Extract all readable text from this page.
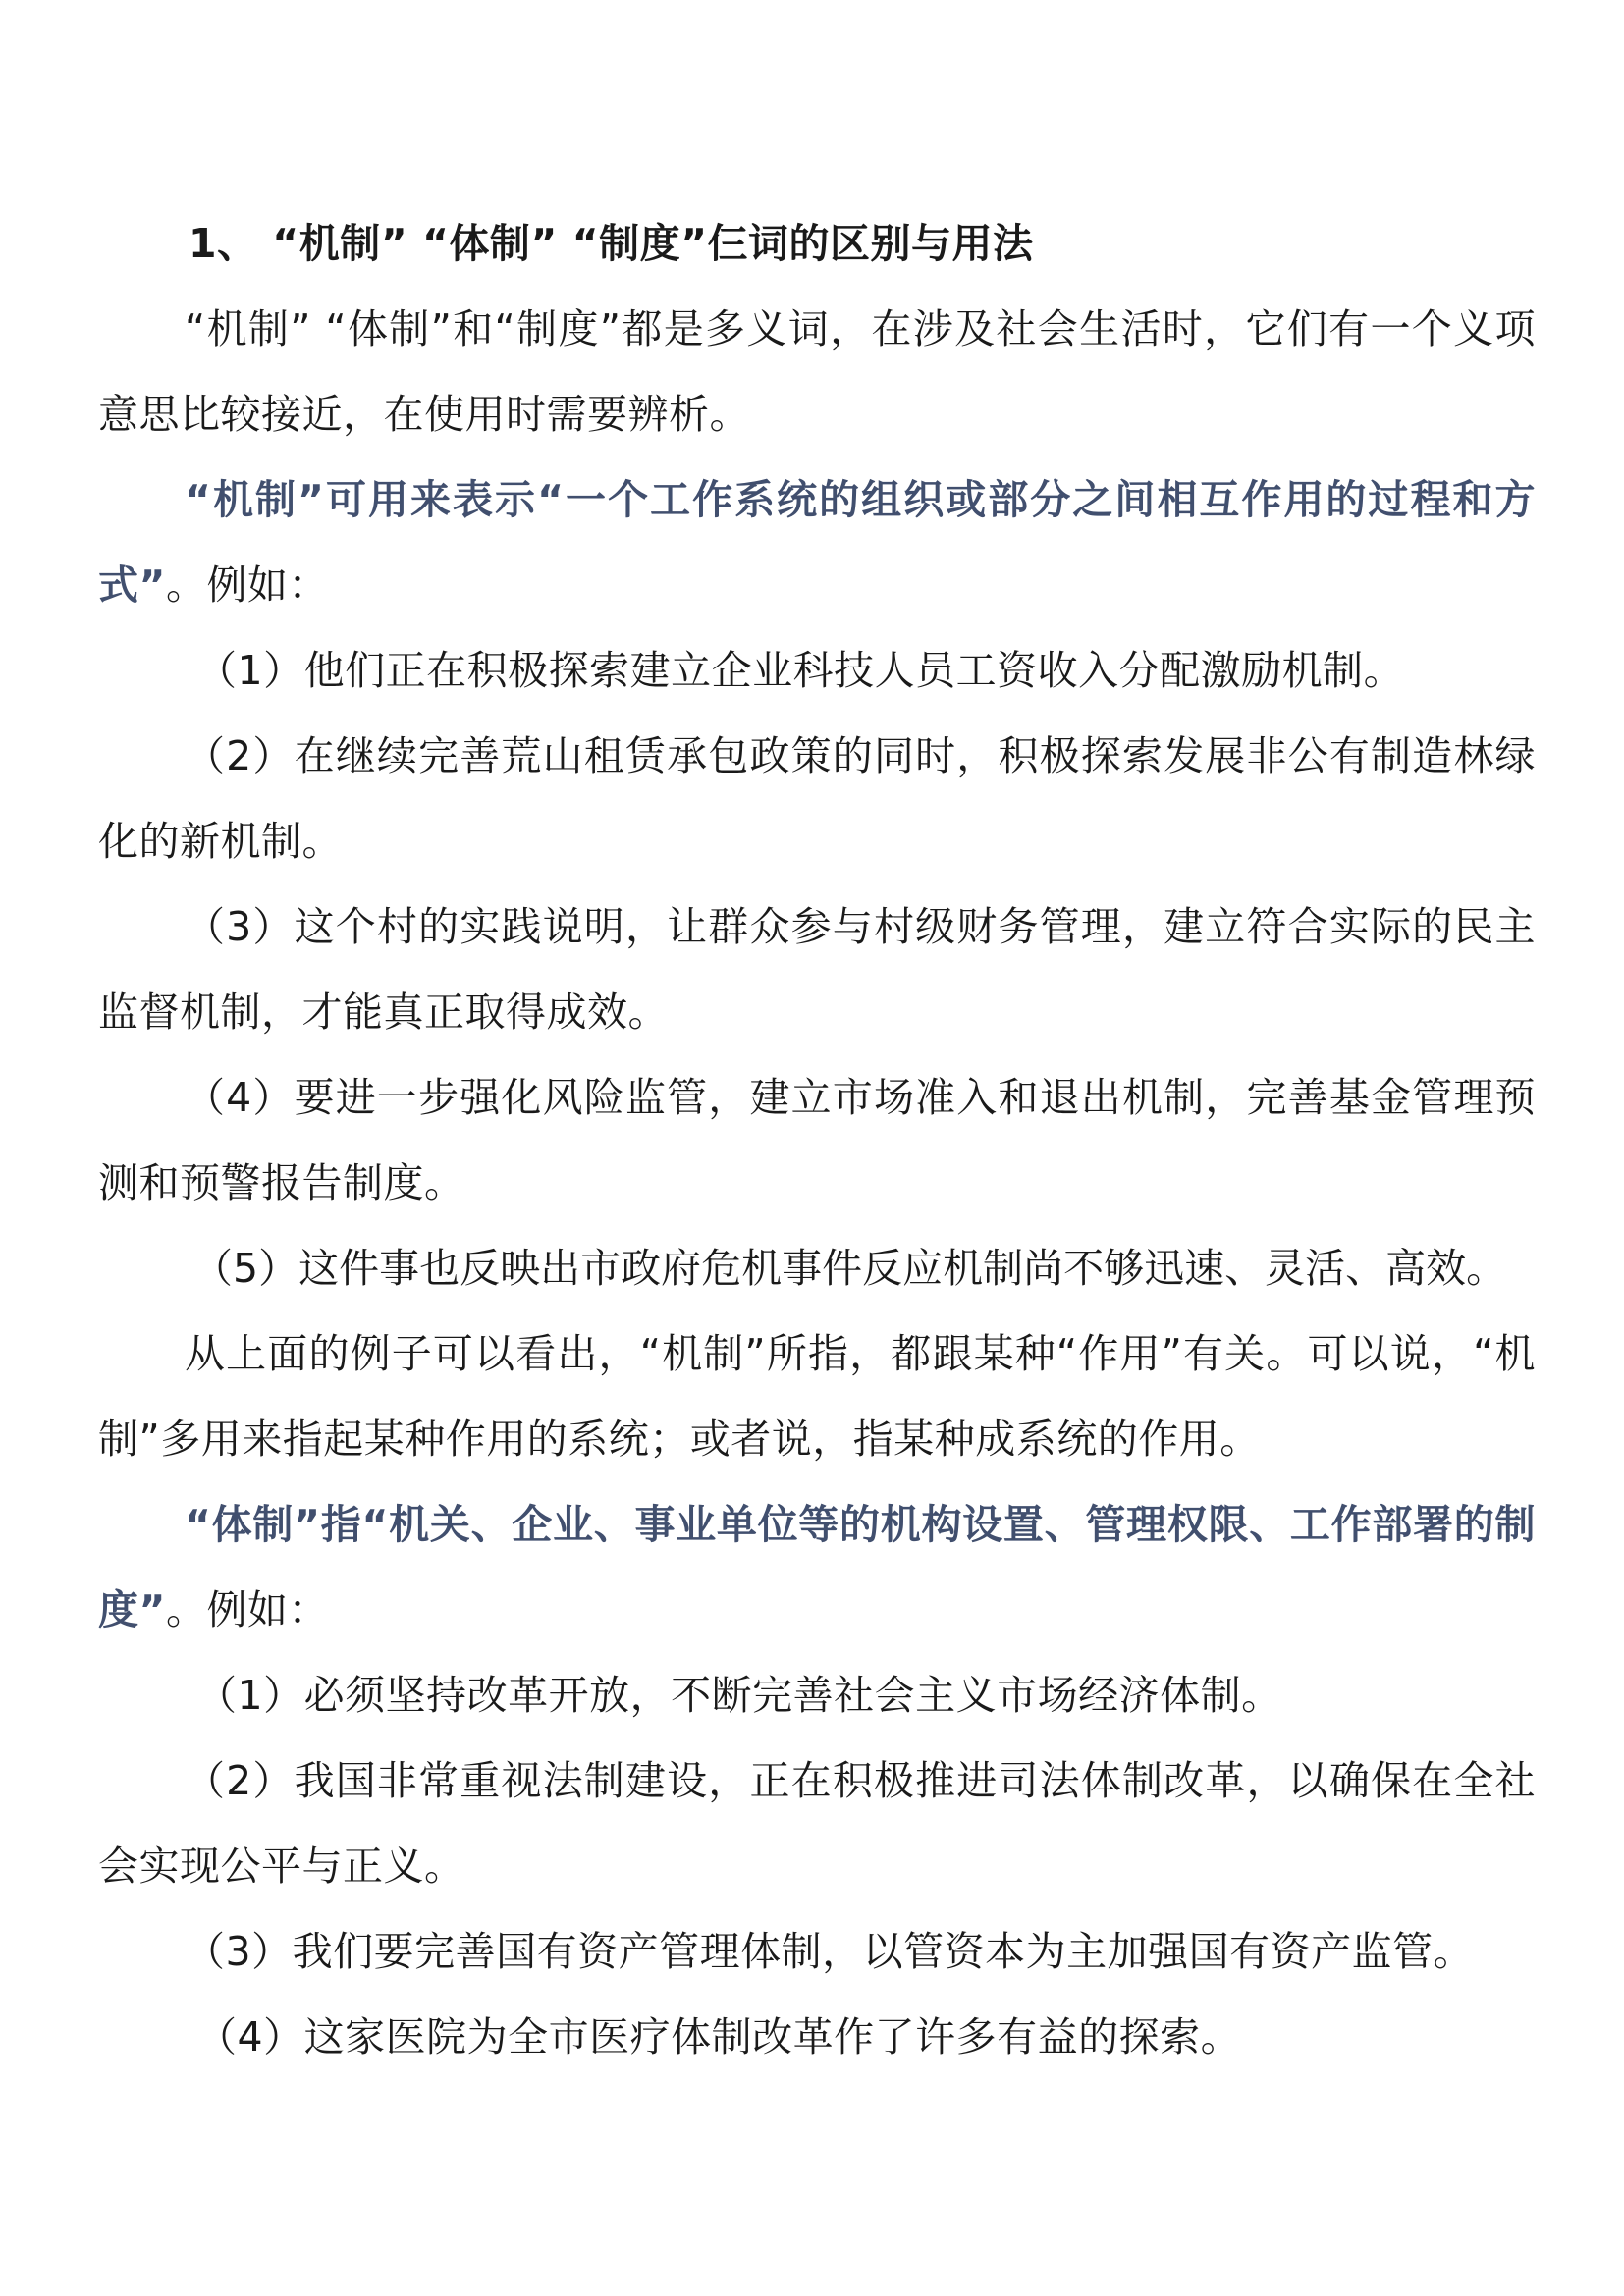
1、 “机制” “体制” “制度”仨词的区别与用法

“机制” “体制”和“制度”都是多义词，在涉及社会生活时，它们有一个义项意思比较接近，在使用时需要辨析。

“机制”可用来表示“一个工作系统的组织或部分之间相互作用的过程和方式”。例如：

（1）他们正在积极探索建立企业科技人员工资收入分配激励机制。

（2）在继续完善荒山租赁承包政策的同时，积极探索发展非公有制造林绿化的新机制。

（3）这个村的实践说明，让群众参与村级财务管理，建立符合实际的民主监督机制，才能真正取得成效。

（4）要进一步强化风险监管，建立市场准入和退出机制，完善基金管理预测和预警报告制度。

（5）这件事也反映出市政府危机事件反应机制尚不够迅速、灵活、高效。

从上面的例子可以看出，“机制”所指，都跟某种“作用”有关。可以说，“机制”多用来指起某种作用的系统；或者说，指某种成系统的作用。

“体制”指“机关、企业、事业单位等的机构设置、管理权限、工作部署的制度”。例如：

（1）必须坚持改革开放，不断完善社会主义市场经济体制。

（2）我国非常重视法制建设，正在积极推进司法体制改革，以确保在全社会实现公平与正义。

（3）我们要完善国有资产管理体制，以管资本为主加强国有资产监管。

（4）这家医院为全市医疗体制改革作了许多有益的探索。
